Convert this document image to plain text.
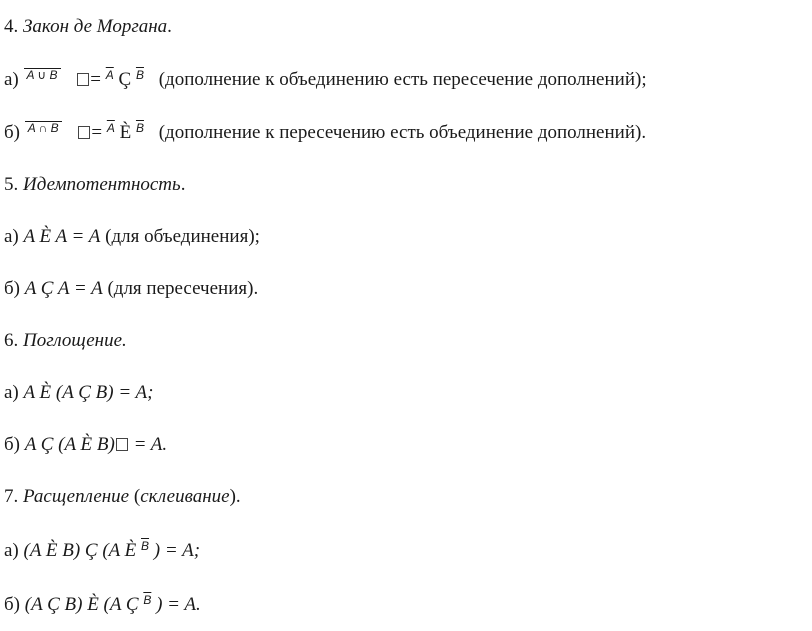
4. Закон де Моргана.
а) A ∪ B = $^{\overline{A}}$ Ç $^{\overline{B}}$ (дополнение к объединению есть пересечение дополнений);
б) A ∩ B = $^{\overline{A}}$ È $^{\overline{B}}$ (дополнение к пересечению есть объединение дополнений).
5. Идемпотентность.
а) A È A = A (для объединения);
б) A Ç A = A (для пересечения).
6. Поглощение.
а) A È (A Ç B) = A;
б) A Ç (A È B) = A.
7. Расщепление (склеивание).
а) (A È B) Ç (A È $^{\overline{B}}$ ) = A;
б) (A Ç B) È (A Ç $^{\overline{B}}$ ) = A.
